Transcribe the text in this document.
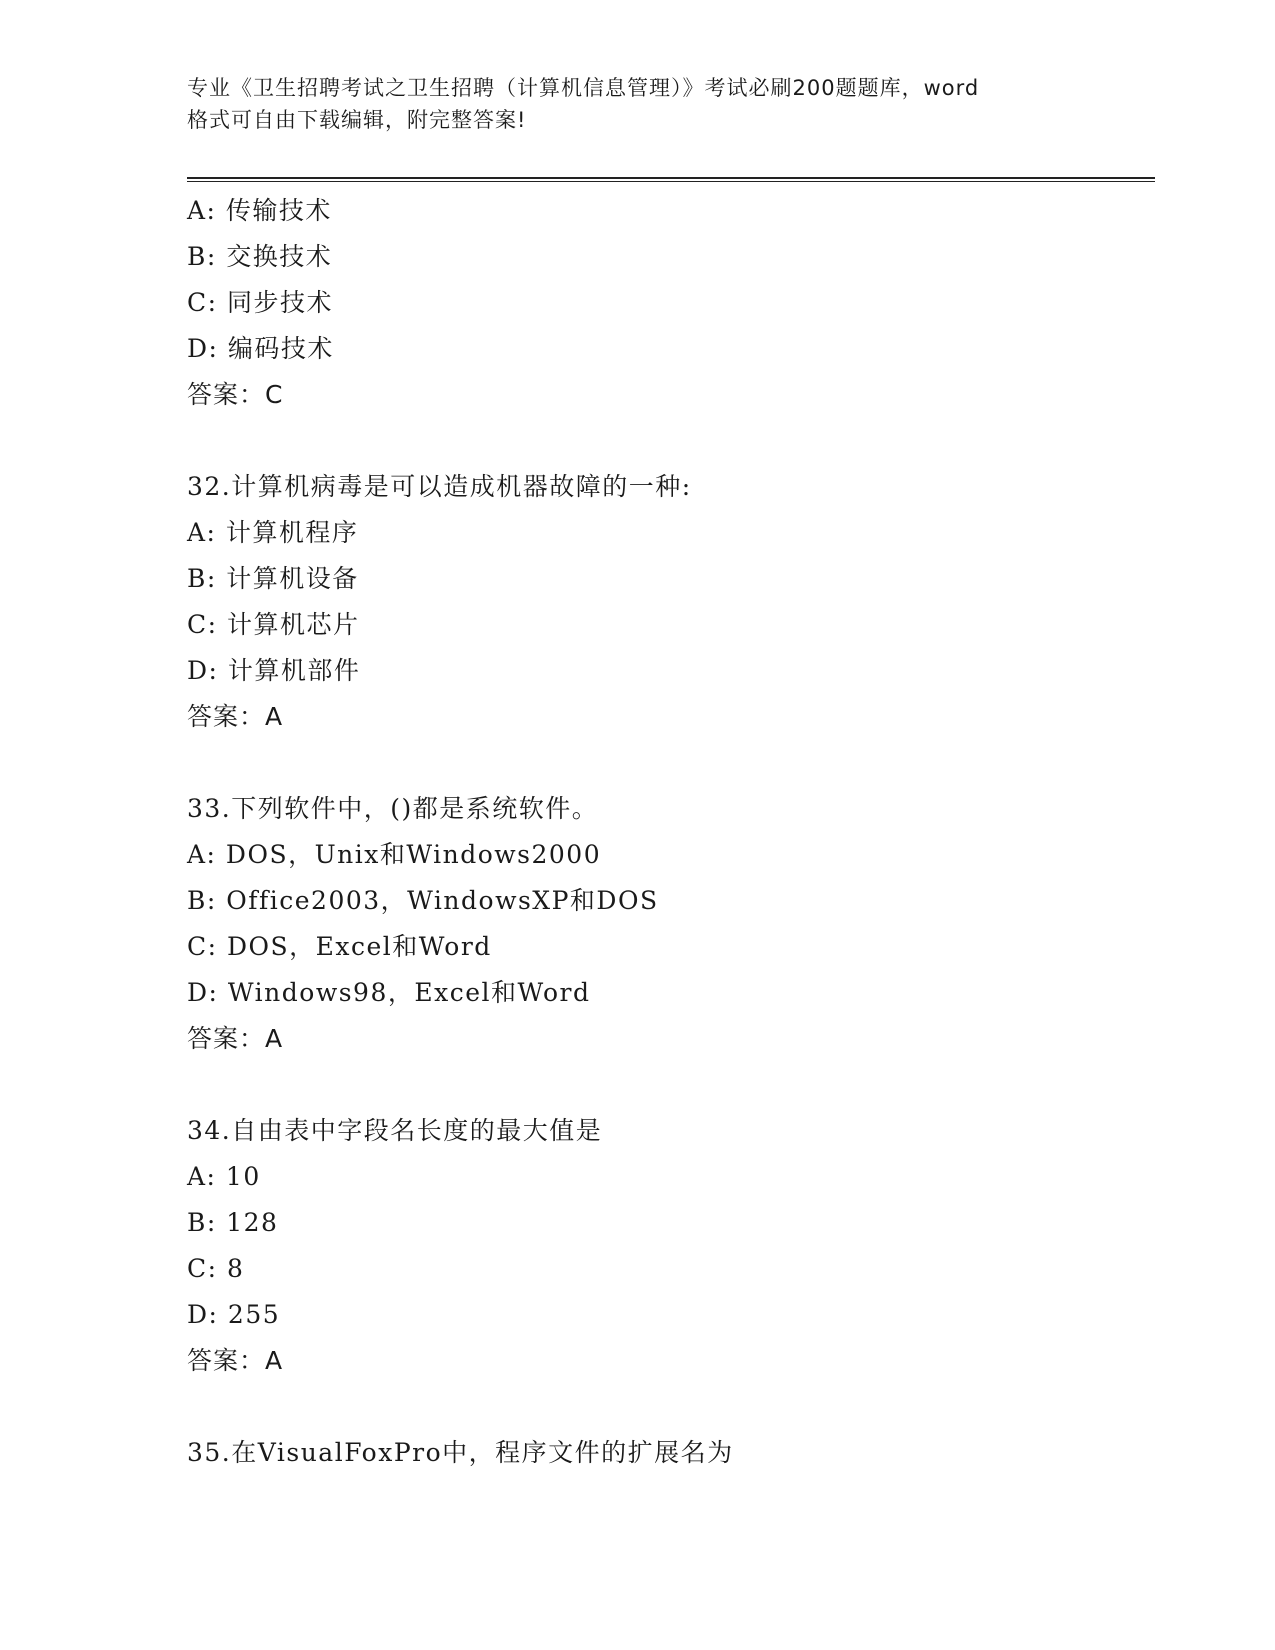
专业《卫生招聘考试之卫生招聘（计算机信息管理）》考试必刷200题题库，word
格式可自由下载编辑，附完整答案!
A: 传输技术
B: 交换技术
C: 同步技术
D: 编码技术
答案：C
32.计算机病毒是可以造成机器故障的一种:
A: 计算机程序
B: 计算机设备
C: 计算机芯片
D: 计算机部件
答案：A
33.下列软件中，()都是系统软件。
A: DOS，Unix和Windows2000
B: Office2003，WindowsXP和DOS
C: DOS，Excel和Word
D: Windows98，Excel和Word
答案：A
34.自由表中字段名长度的最大值是
A: 10
B: 128
C: 8
D: 255
答案：A
35.在VisualFoxPro中，程序文件的扩展名为
